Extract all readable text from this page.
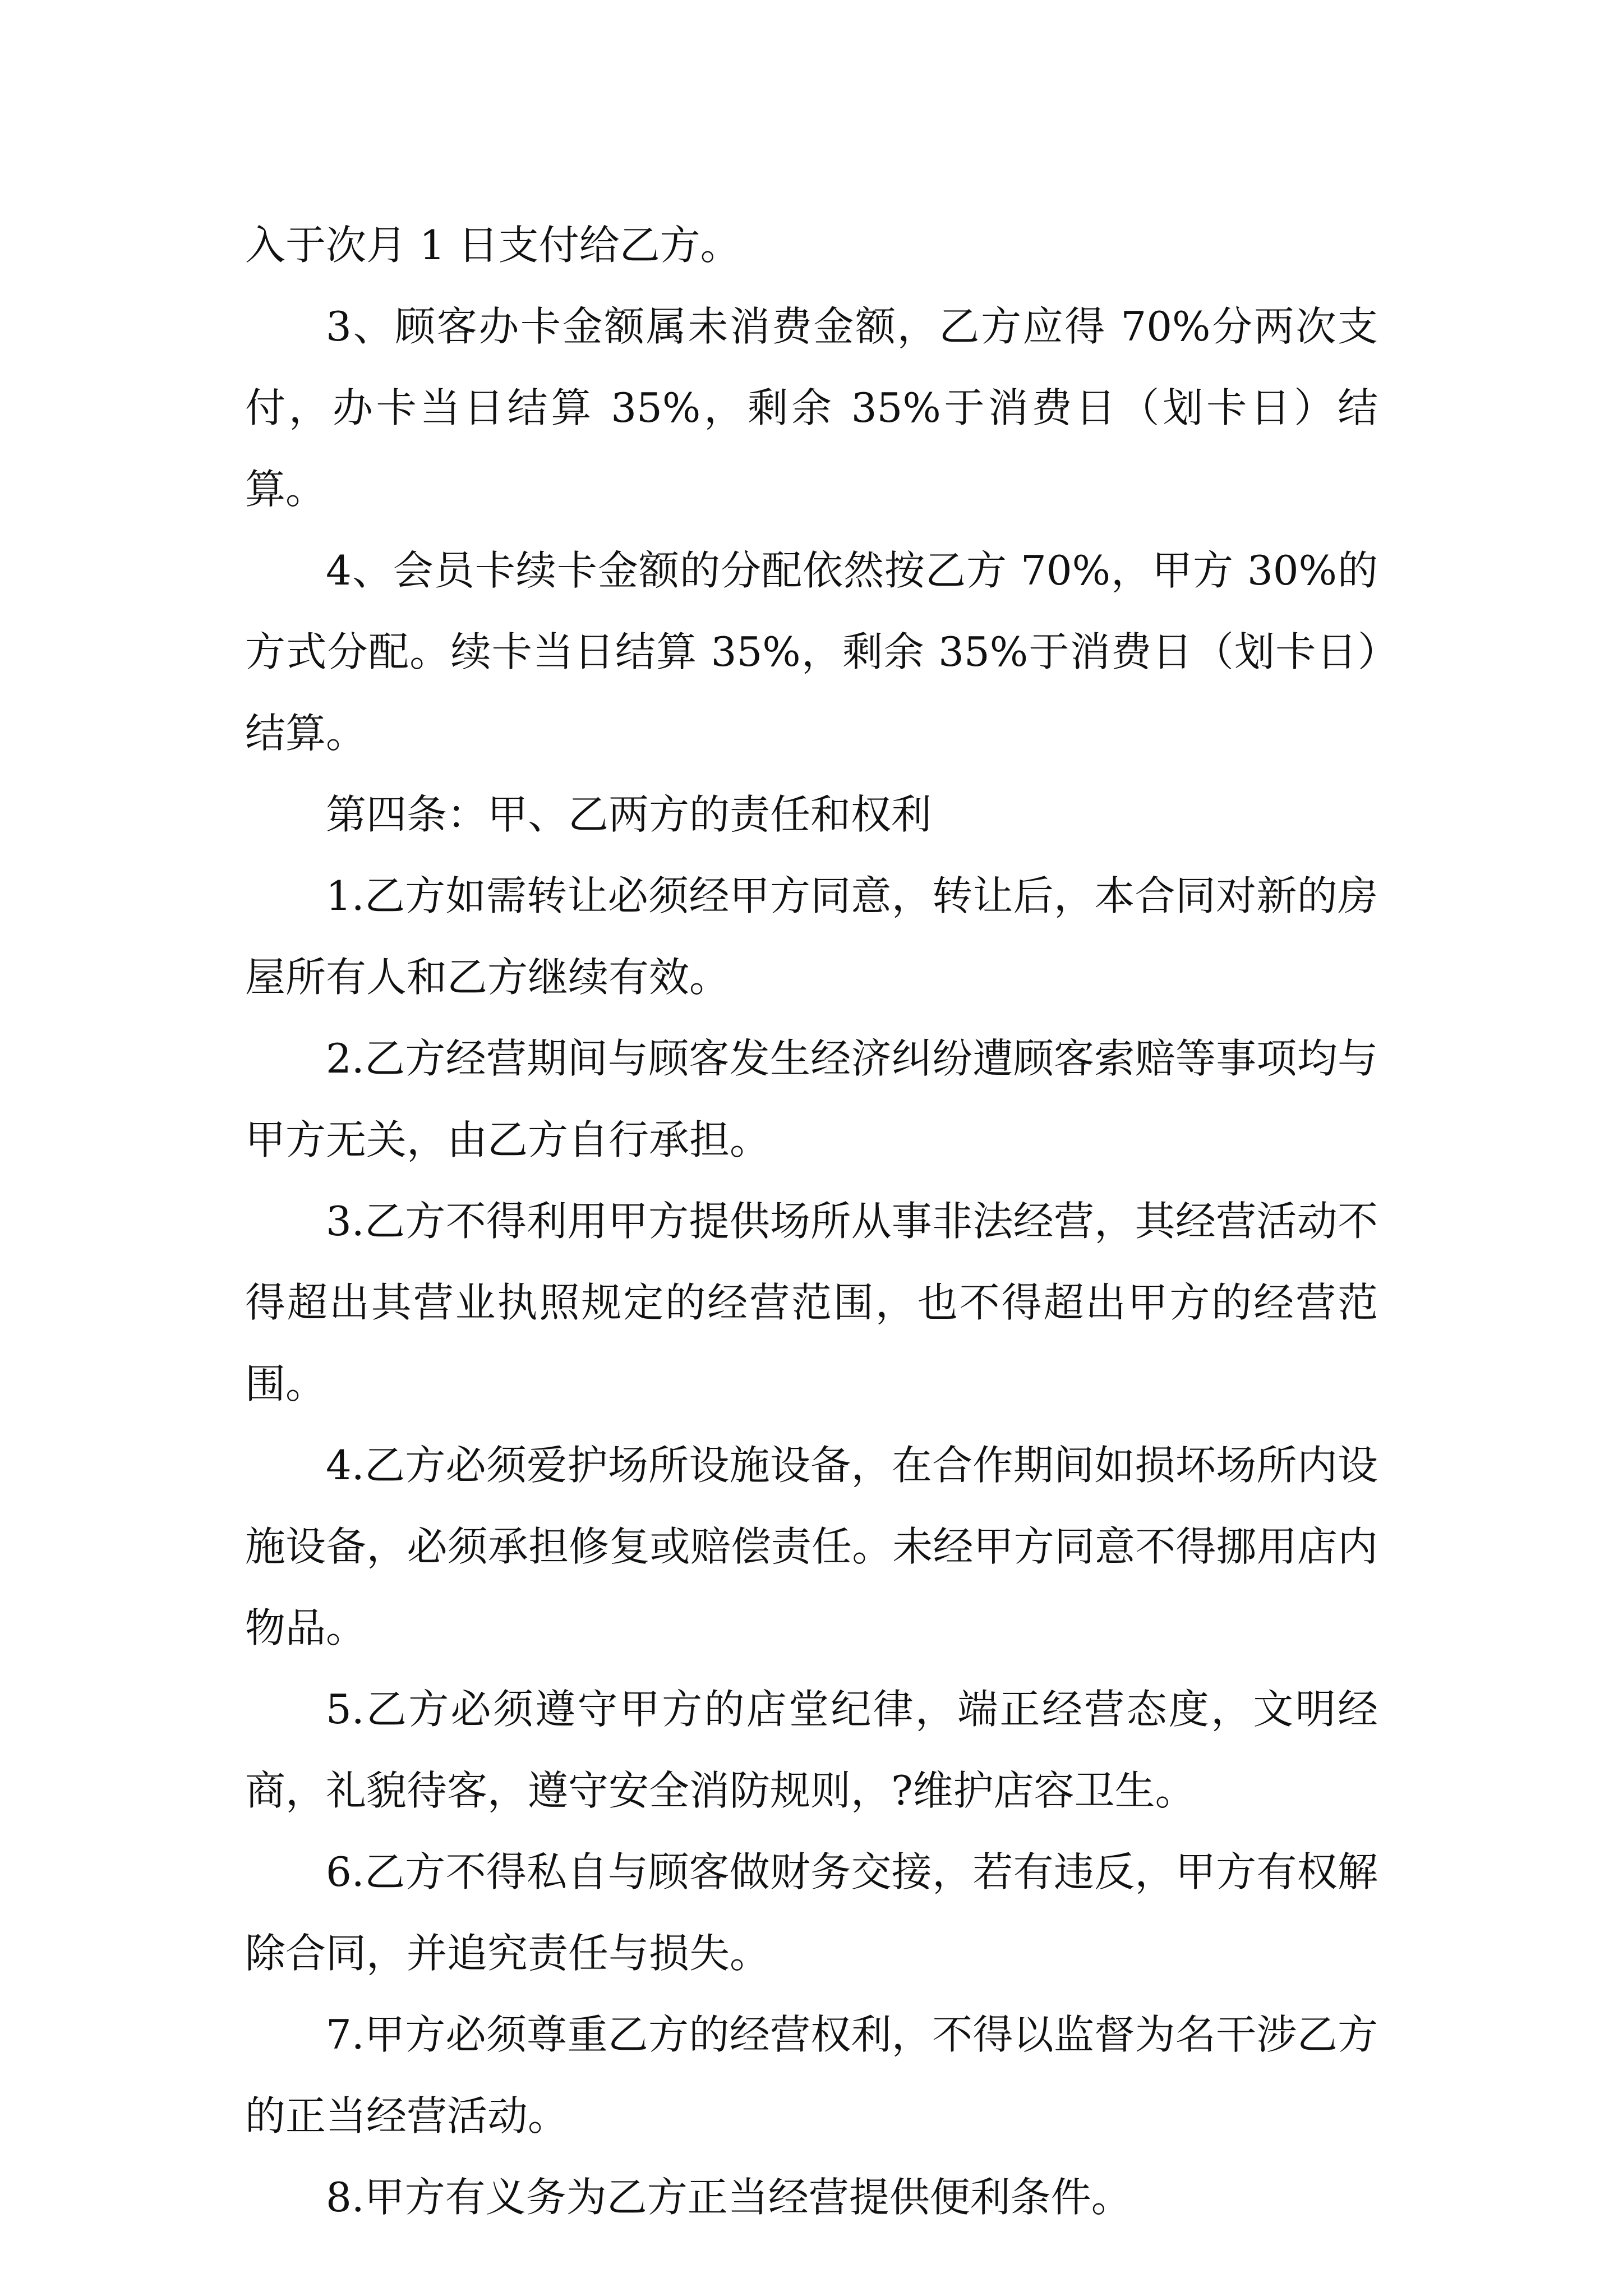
入于次月 1 日支付给乙方。

3、顾客办卡金额属未消费金额，乙方应得 70%分两次支付，办卡当日结算 35%，剩余 35%于消费日（划卡日）结算。

4、会员卡续卡金额的分配依然按乙方 70%，甲方 30%的方式分配。续卡当日结算 35%，剩余 35%于消费日（划卡日）结算。

第四条：甲、乙两方的责任和权利

1.乙方如需转让必须经甲方同意，转让后，本合同对新的房屋所有人和乙方继续有效。

2.乙方经营期间与顾客发生经济纠纷遭顾客索赔等事项均与甲方无关，由乙方自行承担。

3.乙方不得利用甲方提供场所从事非法经营，其经营活动不得超出其营业执照规定的经营范围，也不得超出甲方的经营范围。

4.乙方必须爱护场所设施设备，在合作期间如损坏场所内设施设备，必须承担修复或赔偿责任。未经甲方同意不得挪用店内物品。

5.乙方必须遵守甲方的店堂纪律，端正经营态度，文明经商，礼貌待客，遵守安全消防规则，?维护店容卫生。

6.乙方不得私自与顾客做财务交接，若有违反，甲方有权解除合同，并追究责任与损失。

7.甲方必须尊重乙方的经营权利，不得以监督为名干涉乙方的正当经营活动。

8.甲方有义务为乙方正当经营提供便利条件。
